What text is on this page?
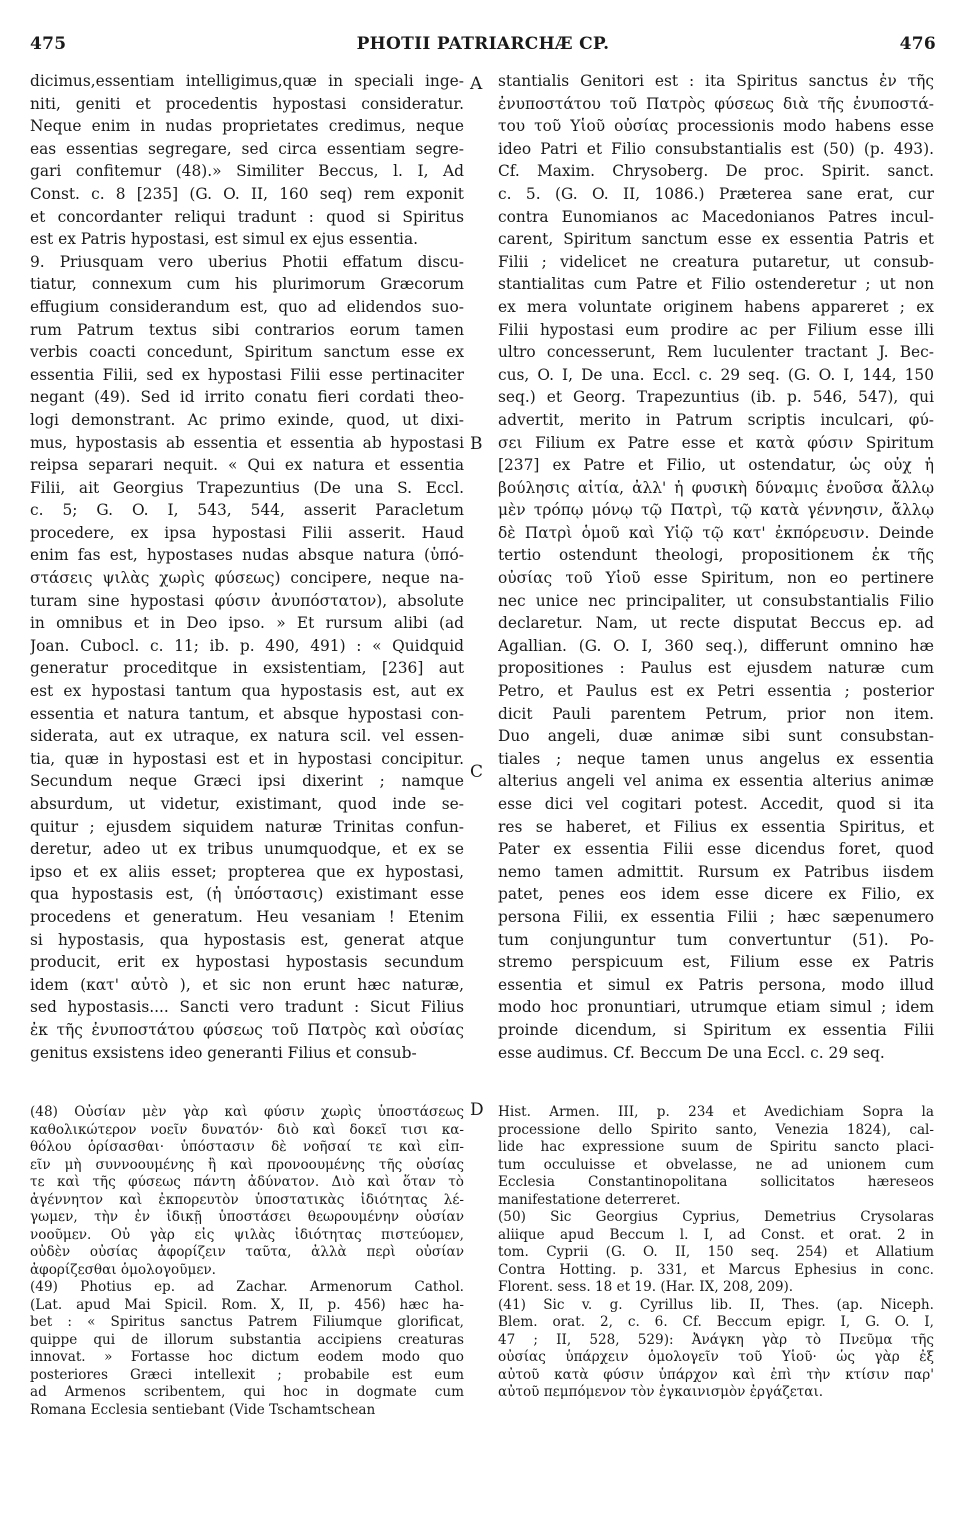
475	PHOTII PATRIARCHÆ CP.	476
A
B
C
D
dicimus,essentiam intelligimus,quæ in speciali inge-
niti, geniti et procedentis hypostasi consideratur.
Neque enim in nudas proprietates credimus, neque
eas essentias segregare, sed circa essentiam segre-
gari confitemur (48).» Similiter Beccus, l. I, Ad
Const. c. 8 [235] (G. O. II, 160 seq) rem exponit
et concordanter reliqui tradunt : quod si Spiritus
est ex Patris hypostasi, est simul ex ejus essentia.
9. Priusquam vero uberius Photii effatum discu-
tiatur, connexum cum his plurimorum Græcorum
effugium considerandum est, quo ad elidendos suo-
rum Patrum textus sibi contrarios eorum tamen
verbis coacti concedunt, Spiritum sanctum esse ex
essentia Filii, sed ex hypostasi Filii esse pertinaciter
negant (49). Sed id irrito conatu fieri cordati theo-
logi demonstrant. Ac primo exinde, quod, ut dixi-
mus, hypostasis ab essentia et essentia ab hypostasi
reipsa separari nequit. « Qui ex natura et essentia
Filii, ait Georgius Trapezuntius (De una S. Eccl.
c. 5; G. O. I, 543, 544, asserit Paracletum
procedere, ex ipsa hypostasi Filii asserit. Haud
enim fas est, hypostases nudas absque natura (ὑπό-
στάσεις ψιλὰς χωρὶς φύσεως) concipere, neque na-
turam sine hypostasi φύσιν ἀνυπόστατον), absolute
in omnibus et in Deo ipso. » Et rursum alibi (ad
Joan. Cubocl. c. 11; ib. p. 490, 491) : « Quidquid
generatur proceditque in exsistentiam, [236] aut
est ex hypostasi tantum qua hypostasis est, aut ex
essentia et natura tantum, et absque hypostasi con-
siderata, aut ex utraque, ex natura scil. vel essen-
tia, quæ in hypostasi est et in hypostasi concipitur.
Secundum neque Græci ipsi dixerint ; namque
absurdum, ut videtur, existimant, quod inde se-
quitur ; ejusdem siquidem naturæ Trinitas confun-
deretur, adeo ut ex tribus unumquodque, et ex se
ipso et ex aliis esset; propterea que ex hypostasi,
qua hypostasis est, (ἡ ὑπόστασις) existimant esse
procedens et generatum. Heu vesaniam ! Etenim
si hypostasis, qua hypostasis est, generat atque
producit, erit ex hypostasi hypostasis secundum
idem (κατ' αὐτὸ ), et sic non erunt hæc naturæ,
sed hypostasis.... Sancti vero tradunt : Sicut Filius
ἐκ τῆς ἐνυποστάτου φύσεως τοῦ Πατρὸς καὶ οὐσίας
genitus exsistens ideo generanti Filius et consub-
stantialis Genitori est : ita Spiritus sanctus ἐν τῆς
ἐνυποστάτου τοῦ Πατρὸς φύσεως διὰ τῆς ἐνυποστά-
του τοῦ Υἱοῦ οὐσίας processionis modo habens esse
ideo Patri et Filio consubstantialis est (50) (p. 493).
Cf. Maxim. Chrysoberg. De proc. Spirit. sanct.
c. 5. (G. O. II, 1086.) Præterea sane erat, cur
contra Eunomianos ac Macedonianos Patres incul-
carent, Spiritum sanctum esse ex essentia Patris et
Filii ; videlicet ne creatura putaretur, ut consub-
stantialitas cum Patre et Filio ostenderetur ; ut non
ex mera voluntate originem habens appareret ; ex
Filii hypostasi eum prodire ac per Filium esse illi
ultro concesserunt, Rem luculenter tractant J. Bec-
cus, O. I, De una. Eccl. c. 29 seq. (G. O. I, 144, 150
seq.) et Georg. Trapezuntius (ib. p. 546, 547), qui
advertit, merito in Patrum scriptis inculcari, φύ-
σει Filium ex Patre esse et κατὰ φύσιν Spiritum
[237] ex Patre et Filio, ut ostendatur, ὡς οὐχ ἡ
βούλησις αἰτία, ἀλλ' ἡ φυσικὴ δύναμις ἐνοῦσα ἄλλῳ
μὲν τρόπῳ μόνῳ τῷ Πατρὶ, τῷ κατὰ γέννησιν, ἄλλῳ
δὲ Πατρὶ ὁμοῦ καὶ Υἱῷ τῷ κατ' ἐκπόρευσιν. Deinde
tertio ostendunt theologi, propositionem ἐκ τῆς
οὐσίας τοῦ Υἱοῦ esse Spiritum, non eo pertinere
nec unice nec principaliter, ut consubstantialis Filio
declaretur. Nam, ut recte disputat Beccus ep. ad
Agallian. (G. O. I, 360 seq.), differunt omnino hæ
propositiones : Paulus est ejusdem naturæ cum
Petro, et Paulus est ex Petri essentia ; posterior
dicit Pauli parentem Petrum, prior non item.
Duo angeli, duæ animæ sibi sunt consubstan-
tiales ; neque tamen unus angelus ex essentia
alterius angeli vel anima ex essentia alterius animæ
esse dici vel cogitari potest. Accedit, quod si ita
res se haberet, et Filius ex essentia Spiritus, et
Pater ex essentia Filii esse dicendus foret, quod
nemo tamen admittit. Rursum ex Patribus iisdem
patet, penes eos idem esse dicere ex Filio, ex
persona Filii, ex essentia Filii ; hæc sæpenumero
tum conjunguntur tum convertuntur (51). Po-
stremo perspicuum est, Filium esse ex Patris
essentia et simul ex Patris persona, modo illud
modo hoc pronuntiari, utrumque etiam simul ; idem
proinde dicendum, si Spiritum ex essentia Filii
esse audimus. Cf. Beccum De una Eccl. c. 29 seq.
(48) Οὐσίαν μὲν γὰρ καὶ φύσιν χωρὶς ὑποστάσεως
καθολικώτερον νοεῖν δυνατόν· διὸ καὶ δοκεῖ τισι κα-
θόλου ὁρίσασθαι· ὑπόστασιν δὲ νοῆσαί τε καὶ εἰπ-
εῖν μὴ συννοουμένης ἢ καὶ προνοουμένης τῆς οὐσίας
τε καὶ τῆς φύσεως πάντη ἀδύνατον. Διὸ καὶ ὅταν τὸ
ἀγέννητον καὶ ἐκπορευτὸν ὑποστατικὰς ἰδιότητας λέ-
γωμεν, τὴν ἐν ἰδικῇ ὑποστάσει θεωρουμένην οὐσίαν
νοοῦμεν. Οὐ γὰρ εἰς ψιλὰς ἰδιότητας πιστεύομεν,
οὐδὲν οὐσίας ἀφορίζειν ταῦτα, ἀλλὰ περὶ οὐσίαν
ἀφορίζεσθαι ὁμολογοῦμεν.
(49) Photius ep. ad Zachar. Armenorum Cathol.
(Lat. apud Mai Spicil. Rom. X, II, p. 456) hæc ha-
bet : « Spiritus sanctus Patrem Filiumque glorificat,
quippe qui de illorum substantia accipiens creaturas
innovat. » Fortasse hoc dictum eodem modo quo
posteriores Græci intellexit ; probabile est eum
ad Armenos scribentem, qui hoc in dogmate cum
Romana Ecclesia sentiebant (Vide Tschamtschean
Hist. Armen. III, p. 234 et Avedichiam Sopra la
processione dello Spirito santo, Venezia 1824), cal-
lide hac expressione suum de Spiritu sancto placi-
tum occuluisse et obvelasse, ne ad unionem cum
Ecclesia Constantinopolitana sollicitatos hæreseos
manifestatione deterreret.
(50) Sic Georgius Cyprius, Demetrius Crysolaras
aliique apud Beccum l. I, ad Const. et orat. 2 in
tom. Cyprii (G. O. II, 150 seq. 254) et Allatium
Contra Hotting. p. 331, et Marcus Ephesius in conc.
Florent. sess. 18 et 19. (Har. IX, 208, 209).
(41) Sic v. g. Cyrillus lib. II, Thes. (ap. Niceph.
Blem. orat. 2, c. 6. Cf. Beccum epigr. I, G. O. I,
47 ; II, 528, 529): Ἀνάγκη γὰρ τὸ Πνεῦμα τῆς
οὐσίας ὑπάρχειν ὁμολογεῖν τοῦ Υἱοῦ· ὡς γὰρ ἐξ
αὐτοῦ κατὰ φύσιν ὑπάρχον καὶ ἐπὶ τὴν κτίσιν παρ'
αὐτοῦ πεμπόμενον τὸν ἐγκαινισμὸν ἐργάζεται.
